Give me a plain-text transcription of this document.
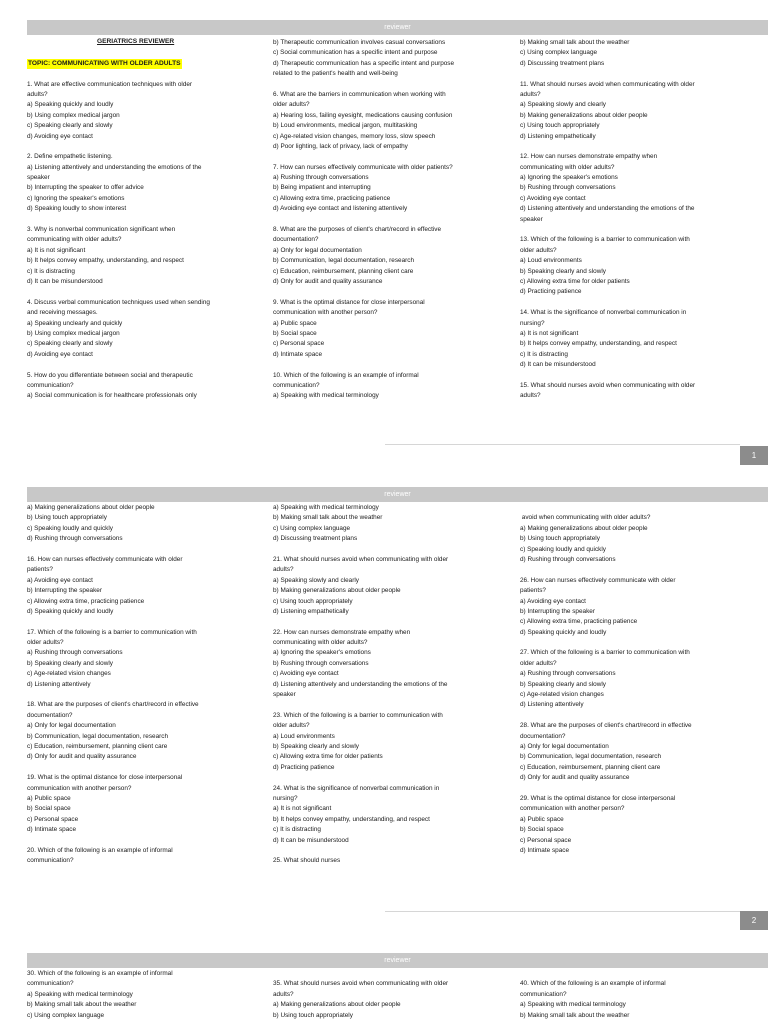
reviewer
GERIATRICS REVIEWER
TOPIC: COMMUNICATING WITH OLDER ADULTS
1. What are effective communication techniques with older
adults?
a) Speaking quickly and loudly
b) Using complex medical jargon
c) Speaking clearly and slowly
d) Avoiding eye contact
2. Define empathetic listening.
a) Listening attentively and understanding the emotions of the
speaker
b) Interrupting the speaker to offer advice
c) Ignoring the speaker's emotions
d) Speaking loudly to show interest
3. Why is nonverbal communication significant when
communicating with older adults?
a) It is not significant
b) It helps convey empathy, understanding, and respect
c) It is distracting
d) It can be misunderstood
4. Discuss verbal communication techniques used when sending
and receiving messages.
a) Speaking unclearly and quickly
b) Using complex medical jargon
c) Speaking clearly and slowly
d) Avoiding eye contact
5. How do you differentiate between social and therapeutic
communication?
a) Social communication is for healthcare professionals only
b) Therapeutic communication involves casual conversations
c) Social communication has a specific intent and purpose
d) Therapeutic communication has a specific intent and purpose
related to the patient's health and well-being
6. What are the barriers in communication when working with
older adults?
a) Hearing loss, failing eyesight, medications causing confusion
b) Loud environments, medical jargon, multitasking
c) Age-related vision changes, memory loss, slow speech
d) Poor lighting, lack of privacy, lack of empathy
7. How can nurses effectively communicate with older patients?
a) Rushing through conversations
b) Being impatient and interrupting
c) Allowing extra time, practicing patience
d) Avoiding eye contact and listening attentively
8. What are the purposes of client's chart/record in effective
documentation?
a) Only for legal documentation
b) Communication, legal documentation, research
c) Education, reimbursement, planning client care
d) Only for audit and quality assurance
9. What is the optimal distance for close interpersonal
communication with another person?
a) Public space
b) Social space
c) Personal space
d) Intimate space
10. Which of the following is an example of informal
communication?
a) Speaking with medical terminology
b) Making small talk about the weather
c) Using complex language
d) Discussing treatment plans
11. What should nurses avoid when communicating with older
adults?
a) Speaking slowly and clearly
b) Making generalizations about older people
c) Using touch appropriately
d) Listening empathetically
12. How can nurses demonstrate empathy when
communicating with older adults?
a) Ignoring the speaker's emotions
b) Rushing through conversations
c) Avoiding eye contact
d) Listening attentively and understanding the emotions of the
speaker
13. Which of the following is a barrier to communication with
older adults?
a) Loud environments
b) Speaking clearly and slowly
c) Allowing extra time for older patients
d) Practicing patience
14. What is the significance of nonverbal communication in
nursing?
a) It is not significant
b) It helps convey empathy, understanding, and respect
c) It is distracting
d) It can be misunderstood
15. What should nurses avoid when communicating with older
adults?
1
reviewer
a) Making generalizations about older people
b) Using touch appropriately
c) Speaking loudly and quickly
d) Rushing through conversations
16. How can nurses effectively communicate with older
patients?
a) Avoiding eye contact
b) Interrupting the speaker
c) Allowing extra time, practicing patience
d) Speaking quickly and loudly
17. Which of the following is a barrier to communication with
older adults?
a) Rushing through conversations
b) Speaking clearly and slowly
c) Age-related vision changes
d) Listening attentively
18. What are the purposes of client's chart/record in effective
documentation?
a) Only for legal documentation
b) Communication, legal documentation, research
c) Education, reimbursement, planning client care
d) Only for audit and quality assurance
19. What is the optimal distance for close interpersonal
communication with another person?
a) Public space
b) Social space
c) Personal space
d) Intimate space
20. Which of the following is an example of informal
communication?
a) Speaking with medical terminology
b) Making small talk about the weather
c) Using complex language
d) Discussing treatment plans
21. What should nurses avoid when communicating with older
adults?
a) Speaking slowly and clearly
b) Making generalizations about older people
c) Using touch appropriately
d) Listening empathetically
22. How can nurses demonstrate empathy when
communicating with older adults?
a) Ignoring the speaker's emotions
b) Rushing through conversations
c) Avoiding eye contact
d) Listening attentively and understanding the emotions of the
speaker
23. Which of the following is a barrier to communication with
older adults?
a) Loud environments
b) Speaking clearly and slowly
c) Allowing extra time for older patients
d) Practicing patience
24. What is the significance of nonverbal communication in
nursing?
a) It is not significant
b) It helps convey empathy, understanding, and respect
c) It is distracting
d) It can be misunderstood
25. What should nurses
avoid when communicating with older adults?
a) Making generalizations about older people
b) Using touch appropriately
c) Speaking loudly and quickly
d) Rushing through conversations
26. How can nurses effectively communicate with older
patients?
a) Avoiding eye contact
b) Interrupting the speaker
c) Allowing extra time, practicing patience
d) Speaking quickly and loudly
27. Which of the following is a barrier to communication with
older adults?
a) Rushing through conversations
b) Speaking clearly and slowly
c) Age-related vision changes
d) Listening attentively
28. What are the purposes of client's chart/record in effective
documentation?
a) Only for legal documentation
b) Communication, legal documentation, research
c) Education, reimbursement, planning client care
d) Only for audit and quality assurance
29. What is the optimal distance for close interpersonal
communication with another person?
a) Public space
b) Social space
c) Personal space
d) Intimate space
2
reviewer
30. Which of the following is an example of informal
communication?
a) Speaking with medical terminology
b) Making small talk about the weather
c) Using complex language
35. What should nurses avoid when communicating with older
adults?
a) Making generalizations about older people
b) Using touch appropriately
40. Which of the following is an example of informal
communication?
a) Speaking with medical terminology
b) Making small talk about the weather
